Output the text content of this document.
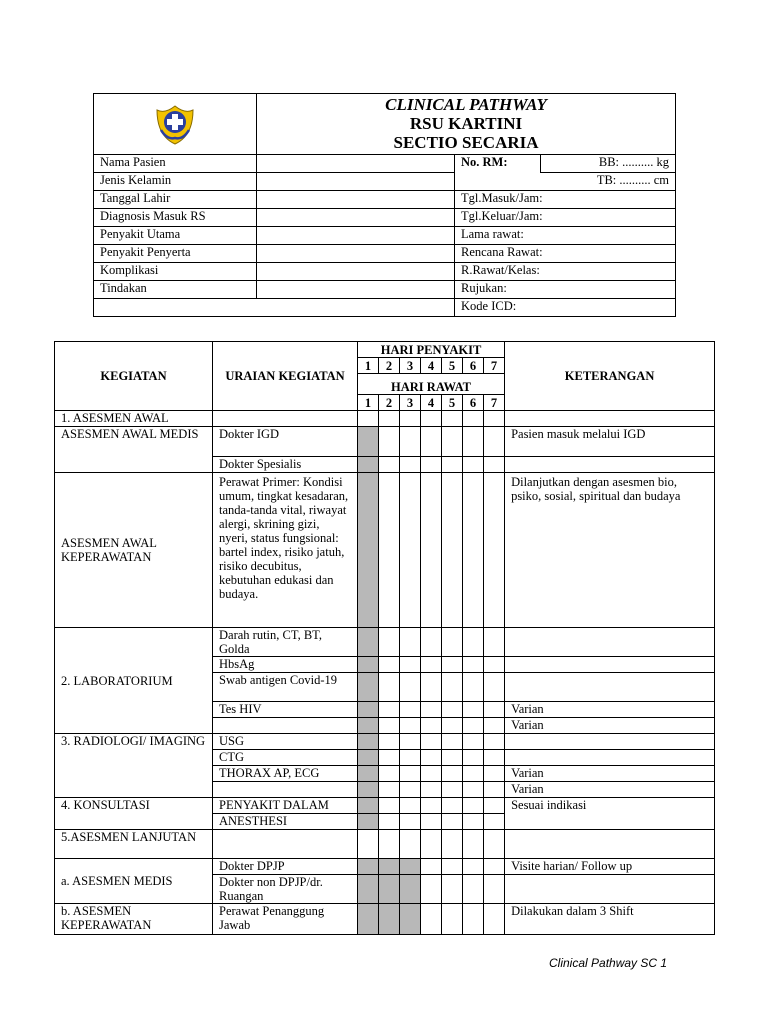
CLINICAL PATHWAY
RSU KARTINI
SECTIO SECARIA		

Nama Pasien		No. RM:	BB: .......... kg
Jenis Kelamin			TB: .......... cm
Tanggal Lahir		Tgl.Masuk/Jam:	
Diagnosis Masuk RS		Tgl.Keluar/Jam:	
Penyakit Utama		Lama rawat:	
Penyakit Penyerta		Rencana Rawat:	
Komplikasi		R.Rawat/Kelas:	
Tindakan		Rujukan:	
		Kode ICD:	
KEGIATAN	URAIAN KEGIATAN	HARI PENYAKIT							KETERANGAN
		1	2	3	4	5	6	7	
		HARI RAWAT							
		1	2	3	4	5	6	7	
1. ASESMEN AWAL									
ASESMEN AWAL MEDIS	Dokter IGD								Pasien masuk melalui IGD
	Dokter Spesialis								
ASESMEN AWAL KEPERAWATAN	Perawat Primer: Kondisi umum, tingkat kesadaran, tanda-tanda vital, riwayat alergi, skrining gizi, nyeri, status fungsional: bartel index, risiko jatuh, risiko decubitus, kebutuhan edukasi dan budaya.								Dilanjutkan dengan asesmen bio, psiko, sosial, spiritual dan budaya
2. LABORATORIUM	Darah rutin, CT, BT, Golda								
	HbsAg								
	Swab antigen Covid-19								
	Tes HIV								Varian
									Varian
3. RADIOLOGI/ IMAGING	USG								
	CTG								
	THORAX AP, ECG								Varian
									Varian
4. KONSULTASI	PENYAKIT DALAM								Sesuai indikasi
	ANESTHESI								
5.ASESMEN LANJUTAN									
a. ASESMEN MEDIS	Dokter DPJP								Visite harian/ Follow up
	Dokter non DPJP/dr. Ruangan								
b. ASESMEN KEPERAWATAN	Perawat Penanggung Jawab								Dilakukan dalam 3 Shift
Clinical Pathway SC 1
